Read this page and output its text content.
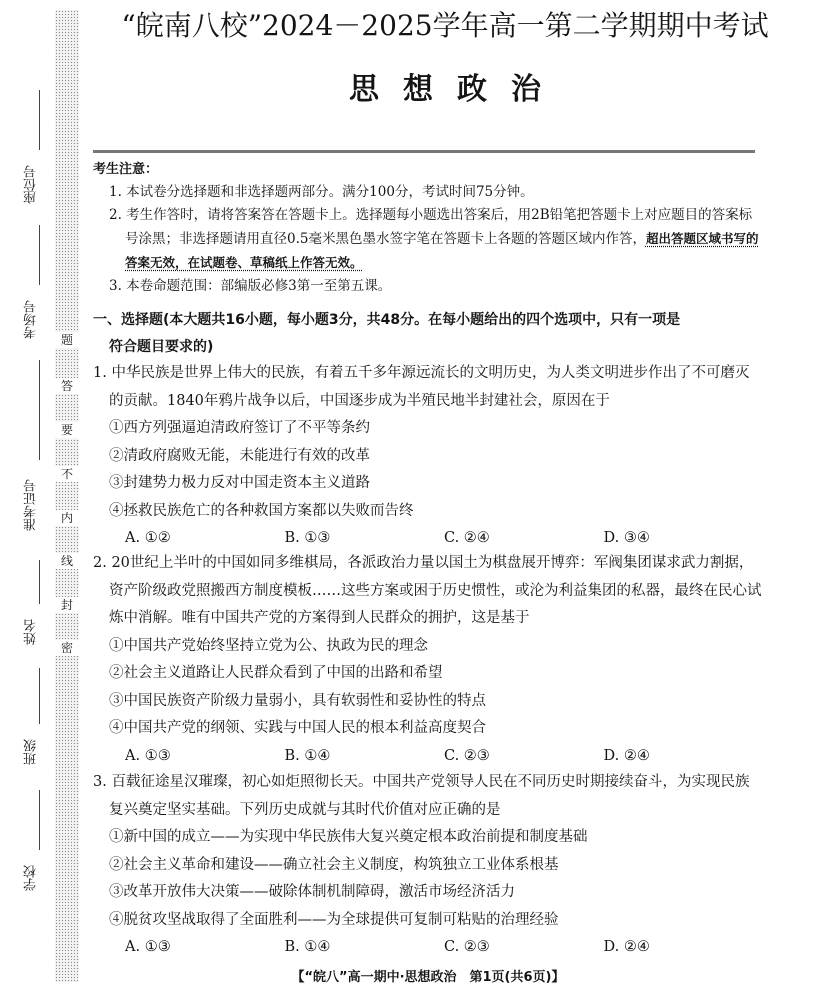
题
答
要
不
内
线
封
密
座位号
考场号
准考证号
姓名
班级
学校
“皖南八校”2024－2025学年高一第二学期期中考试
思想政治
考生注意：
1. 本试卷分选择题和非选择题两部分。满分100分，考试时间75分钟。
2. 考生作答时，请将答案答在答题卡上。选择题每小题选出答案后，用2B铅笔把答题卡上对应题目的答案标号涂黑；非选择题请用直径0.5毫米黑色墨水签字笔在答题卡上各题的答题区域内作答，超出答题区域书写的答案无效，在试题卷、草稿纸上作答无效。
3. 本卷命题范围：部编版必修3第一至第五课。
一、选择题(本大题共16小题，每小题3分，共48分。在每小题给出的四个选项中，只有一项是
符合题目要求的)
1. 中华民族是世界上伟大的民族，有着五千多年源远流长的文明历史，为人类文明进步作出了不可磨灭的贡献。1840年鸦片战争以后，中国逐步成为半殖民地半封建社会，原因在于
①西方列强逼迫清政府签订了不平等条约
②清政府腐败无能，未能进行有效的改革
③封建势力极力反对中国走资本主义道路
④拯救民族危亡的各种救国方案都以失败而告终
A. ①②	B. ①③	C. ②④	D. ③④
2. 20世纪上半叶的中国如同多维棋局，各派政治力量以国土为棋盘展开博弈：军阀集团谋求武力割据，资产阶级政党照搬西方制度模板……这些方案或困于历史惯性，或沦为利益集团的私器，最终在民心试炼中消解。唯有中国共产党的方案得到人民群众的拥护，这是基于
①中国共产党始终坚持立党为公、执政为民的理念
②社会主义道路让人民群众看到了中国的出路和希望
③中国民族资产阶级力量弱小，具有软弱性和妥协性的特点
④中国共产党的纲领、实践与中国人民的根本利益高度契合
A. ①③	B. ①④	C. ②③	D. ②④
3. 百载征途星汉璀璨，初心如炬照彻长天。中国共产党领导人民在不同历史时期接续奋斗，为实现民族复兴奠定坚实基础。下列历史成就与其时代价值对应正确的是
①新中国的成立——为实现中华民族伟大复兴奠定根本政治前提和制度基础
②社会主义革命和建设——确立社会主义制度，构筑独立工业体系根基
③改革开放伟大决策——破除体制机制障碍，激活市场经济活力
④脱贫攻坚战取得了全面胜利——为全球提供可复制可粘贴的治理经验
A. ①③	B. ①④	C. ②③	D. ②④
【“皖八”高一期中·思想政治　第1页(共6页)】
